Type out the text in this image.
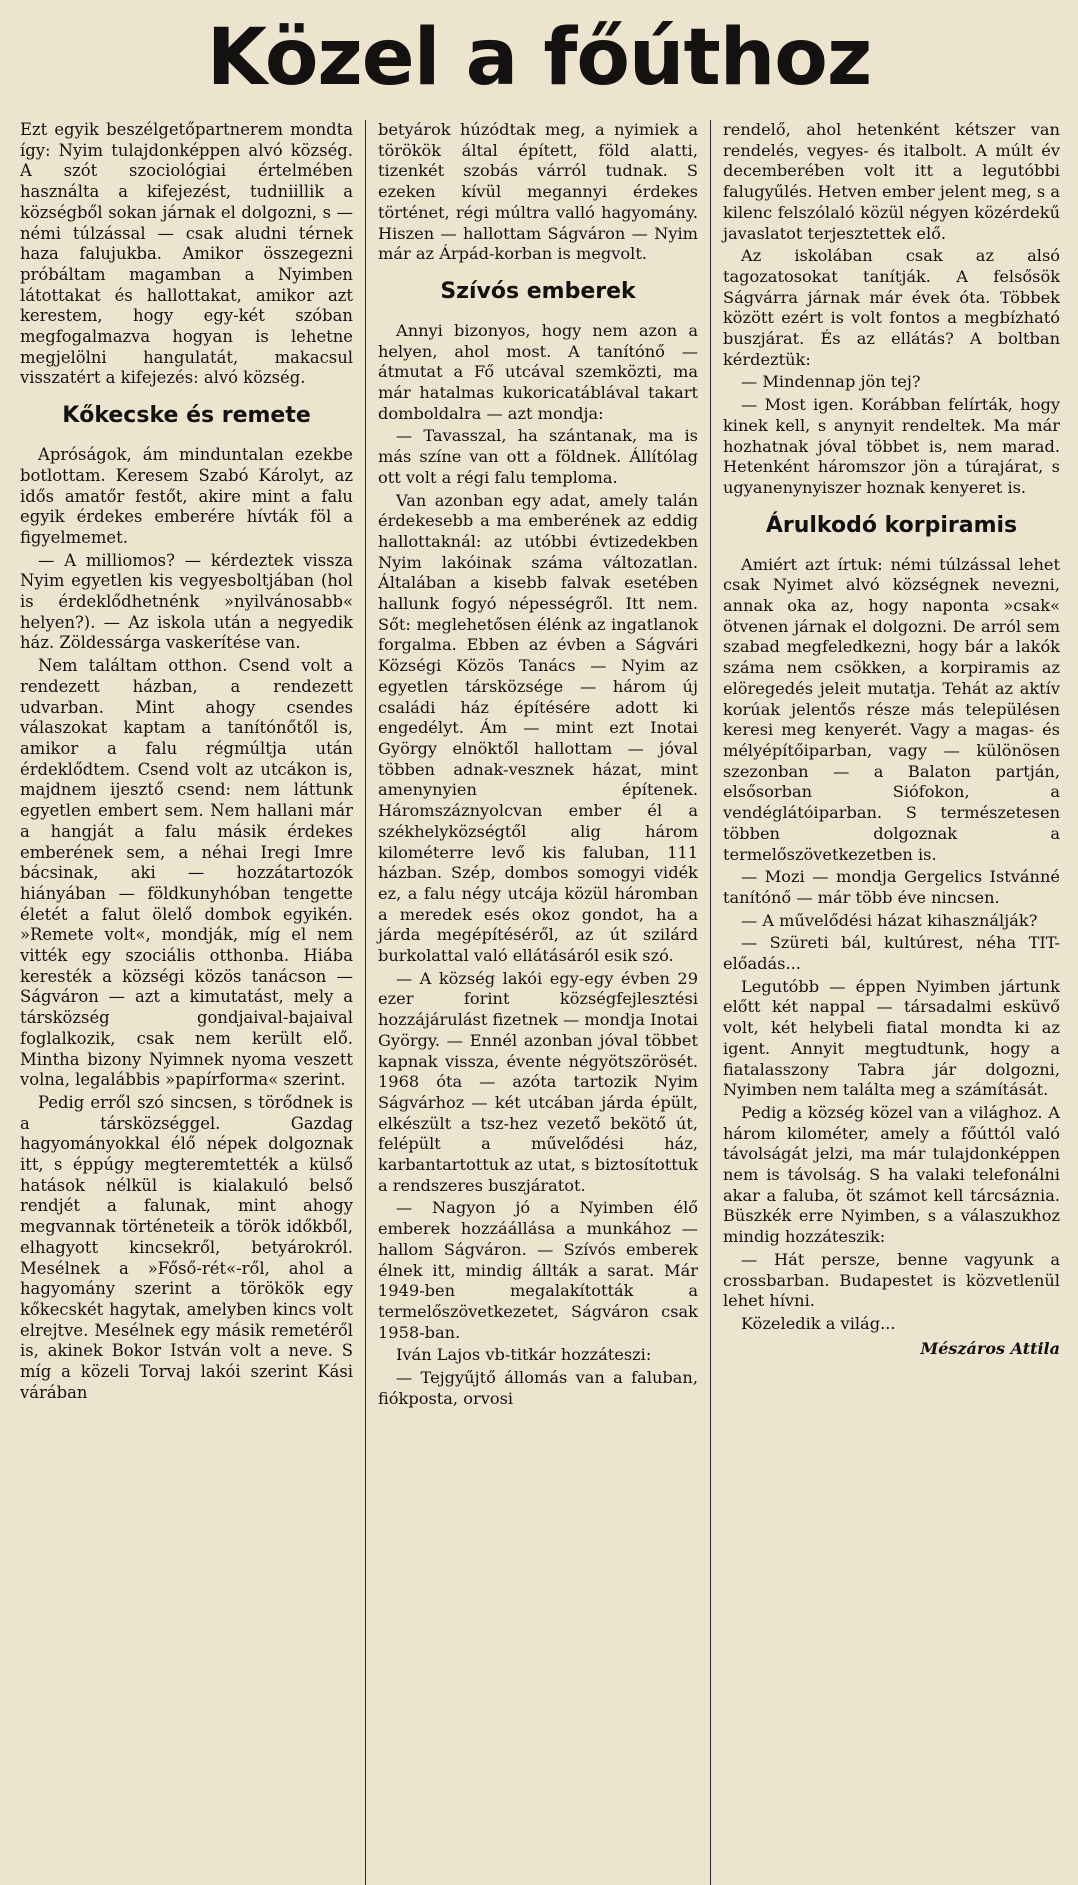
Közel a főúthoz

Ezt egyik beszélgetőpartnerem mondta így: Nyim tulajdonképpen alvó község. A szót szociológiai értelmében használta a kifejezést, tudniillik a községből sokan járnak el dolgozni, s — némi túlzással — csak aludni térnek haza falujukba. Amikor összegezni próbáltam magamban a Nyimben látottakat és hallottakat, amikor azt kerestem, hogy egy-két szóban megfogalmazva hogyan is lehetne megjelölni hangulatát, makacsul visszatért a kifejezés: alvó község.

Kőkecske és remete

Apróságok, ám minduntalan ezekbe botlottam. Keresem Szabó Károlyt, az idős amatőr festőt, akire mint a falu egyik érdekes emberére hívták föl a figyelmemet.

— A milliomos? — kérdeztek vissza Nyim egyetlen kis vegyesboltjában (hol is érdeklődhetnénk »nyilvánosabb« helyen?). — Az iskola után a negyedik ház. Zöldessárga vaskerítése van.

Nem találtam otthon. Csend volt a rendezett házban, a rendezett udvarban. Mint ahogy csendes válaszokat kaptam a tanítónőtől is, amikor a falu régmúltja után érdeklődtem. Csend volt az utcákon is, majdnem ijesztő csend: nem láttunk egyetlen embert sem. Nem hallani már a hangját a falu másik érdekes emberének sem, a néhai Iregi Imre bácsinak, aki — hozzátartozók hiányában — földkunyhóban tengette életét a falut ölelő dombok egyikén. »Remete volt«, mondják, míg el nem vitték egy szociális otthonba. Hiába keresték a községi közös tanácson — Ságváron — azt a kimutatást, mely a társközség gondjaival-bajaival foglalkozik, csak nem került elő. Mintha bizony Nyimnek nyoma veszett volna, legalábbis »papírforma« szerint.

Pedig erről szó sincsen, s törődnek is a társközséggel. Gazdag hagyományokkal élő népek dolgoznak itt, s éppúgy megteremtették a külső hatások nélkül is kialakuló belső rendjét a falunak, mint ahogy megvannak történeteik a török időkből, elhagyott kincsekről, betyárokról. Mesélnek a »Főső-rét«-ről, ahol a hagyomány szerint a törökök egy kőkecskét hagytak, amelyben kincs volt elrejtve. Mesélnek egy másik remetéről is, akinek Bokor István volt a neve. S míg a közeli Torvaj lakói szerint Kási várában

betyárok húzódtak meg, a nyimiek a törökök által épített, föld alatti, tizenkét szobás várról tudnak. S ezeken kívül megannyi érdekes történet, régi múltra valló hagyomány. Hiszen — hallottam Ságváron — Nyim már az Árpád-korban is megvolt.

Szívós emberek

Annyi bizonyos, hogy nem azon a helyen, ahol most. A tanítónő — átmutat a Fő utcával szemközti, ma már hatalmas kukoricatáblával takart domboldalra — azt mondja:

— Tavasszal, ha szántanak, ma is más színe van ott a földnek. Állítólag ott volt a régi falu temploma.

Van azonban egy adat, amely talán érdekesebb a ma emberének az eddig hallottaknál: az utóbbi évtizedekben Nyim lakóinak száma változatlan. Általában a kisebb falvak esetében hallunk fogyó népességről. Itt nem. Sőt: meglehetősen élénk az ingatlanok forgalma. Ebben az évben a Ságvári Községi Közös Tanács — Nyim az egyetlen társközsége — három új családi ház építésére adott ki engedélyt. Ám — mint ezt Inotai György elnöktől hallottam — jóval többen adnak-vesznek házat, mint amenynyien építenek. Háromszáznyolcvan ember él a székhelyközségtől alig három kilométerre levő kis faluban, 111 házban. Szép, dombos somogyi vidék ez, a falu négy utcája közül háromban a meredek esés okoz gondot, ha a járda megépítéséről, az út szilárd burkolattal való ellátásáról esik szó.

— A község lakói egy-egy évben 29 ezer forint községfejlesztési hozzájárulást fizetnek — mondja Inotai György. — Ennél azonban jóval többet kapnak vissza, évente négyötszörösét. 1968 óta — azóta tartozik Nyim Ságvárhoz — két utcában járda épült, elkészült a tsz-hez vezető bekötő út, felépült a művelődési ház, karbantartottuk az utat, s biztosítottuk a rendszeres buszjáratot.

— Nagyon jó a Nyimben élő emberek hozzáállása a munkához — hallom Ságváron. — Szívós emberek élnek itt, mindig állták a sarat. Már 1949-ben megalakították a termelőszövetkezetet, Ságváron csak 1958-ban.

Iván Lajos vb-titkár hozzáteszi:

— Tejgyűjtő állomás van a faluban, fiókposta, orvosi

rendelő, ahol hetenként kétszer van rendelés, vegyes- és italbolt. A múlt év decemberében volt itt a legutóbbi falugyűlés. Hetven ember jelent meg, s a kilenc felszólaló közül négyen közérdekű javaslatot terjesztettek elő.

Az iskolában csak az alsó tagozatosokat tanítják. A felsősök Ságvárra járnak már évek óta. Többek között ezért is volt fontos a megbízható buszjárat. És az ellátás? A boltban kérdeztük:

— Mindennap jön tej?

— Most igen. Korábban felírták, hogy kinek kell, s anynyit rendeltek. Ma már hozhatnak jóval többet is, nem marad. Hetenként háromszor jön a túrajárat, s ugyanenynyiszer hoznak kenyeret is.

Árulkodó korpiramis

Amiért azt írtuk: némi túlzással lehet csak Nyimet alvó községnek nevezni, annak oka az, hogy naponta »csak« ötvenen járnak el dolgozni. De arról sem szabad megfeledkezni, hogy bár a lakók száma nem csökken, a korpiramis az elöregedés jeleit mutatja. Tehát az aktív korúak jelentős része más településen keresi meg kenyerét. Vagy a magas- és mélyépítőiparban, vagy — különösen szezonban — a Balaton partján, elsősorban Siófokon, a vendéglátóiparban. S természetesen többen dolgoznak a termelőszövetkezetben is.

— Mozi — mondja Gergelics Istvánné tanítónő — már több éve nincsen.

— A művelődési házat kihasználják?

— Szüreti bál, kultúrest, néha TIT-előadás...

Legutóbb — éppen Nyimben jártunk előtt két nappal — társadalmi esküvő volt, két helybeli fiatal mondta ki az igent. Annyit megtudtunk, hogy a fiatalasszony Tabra jár dolgozni, Nyimben nem találta meg a számítását.

Pedig a község közel van a világhoz. A három kilométer, amely a főúttól való távolságát jelzi, ma már tulajdonképpen nem is távolság. S ha valaki telefonálni akar a faluba, öt számot kell tárcsáznia. Büszkék erre Nyimben, s a válaszukhoz mindig hozzáteszik:

— Hát persze, benne vagyunk a crossbarban. Budapestet is közvetlenül lehet hívni.

Közeledik a világ...

Mészáros Attila
